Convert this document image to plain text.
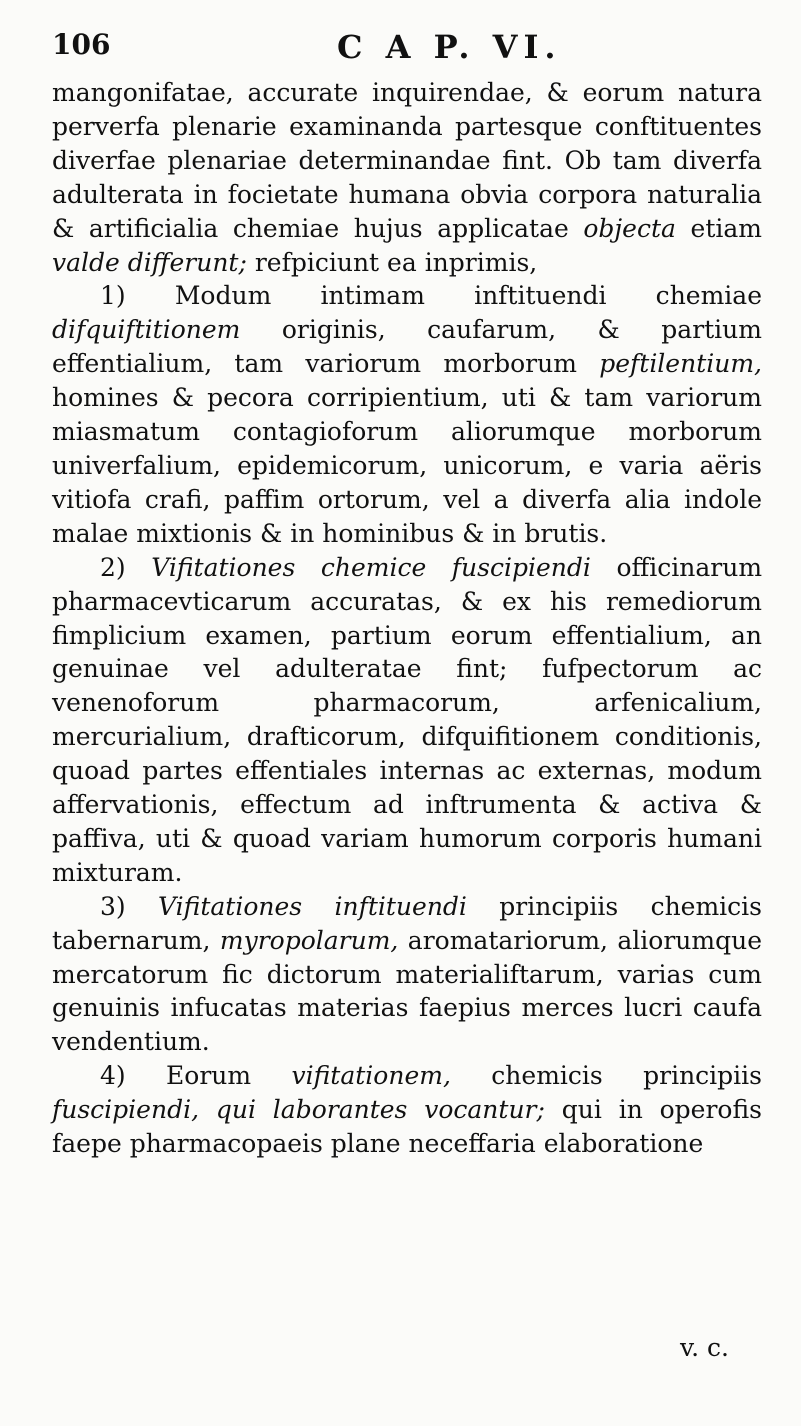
106	C A P. VI.

mangonifatae, accurate inquirendae, & eorum natura perverfa plenarie examinanda partesque conftituentes diverfae plenariae determinandae fint. Ob tam diverfa adulterata in focietate humana obvia corpora naturalia & artificialia chemiae hujus applicatae objecta etiam valde differunt; refpiciunt ea inprimis,

1) Modum intimam inftituendi chemiae difquiftitionem originis, caufarum, & partium effentialium, tam variorum morborum peftilentium, homines & pecora corripientium, uti & tam variorum miasmatum contagioforum aliorumque morborum univerfalium, epidemicorum, unicorum, e varia aëris vitiofa crafi, paffim ortorum, vel a diverfa alia indole malae mixtionis & in hominibus & in brutis.

2) Vifitationes chemice fuscipiendi officinarum pharmacevticarum accuratas, & ex his remediorum fimplicium examen, partium eorum effentialium, an genuinae vel adulteratae fint; fufpectorum ac venenoforum pharmacorum, arfenicalium, mercurialium, drafticorum, difquifitionem conditionis, quoad partes effentiales internas ac externas, modum affervationis, effectum ad inftrumenta & activa & paffiva, uti & quoad variam humorum corporis humani mixturam.

3) Vifitationes inftituendi principiis chemicis tabernarum, myropolarum, aromatariorum, aliorumque mercatorum fic dictorum materialiftarum, varias cum genuinis infucatas materias faepius merces lucri caufa vendentium.

4) Eorum vifitationem, chemicis principiis fuscipiendi, qui laborantes vocantur; qui in operofis faepe pharmacopaeis plane neceffaria elaboratione

v. c.
